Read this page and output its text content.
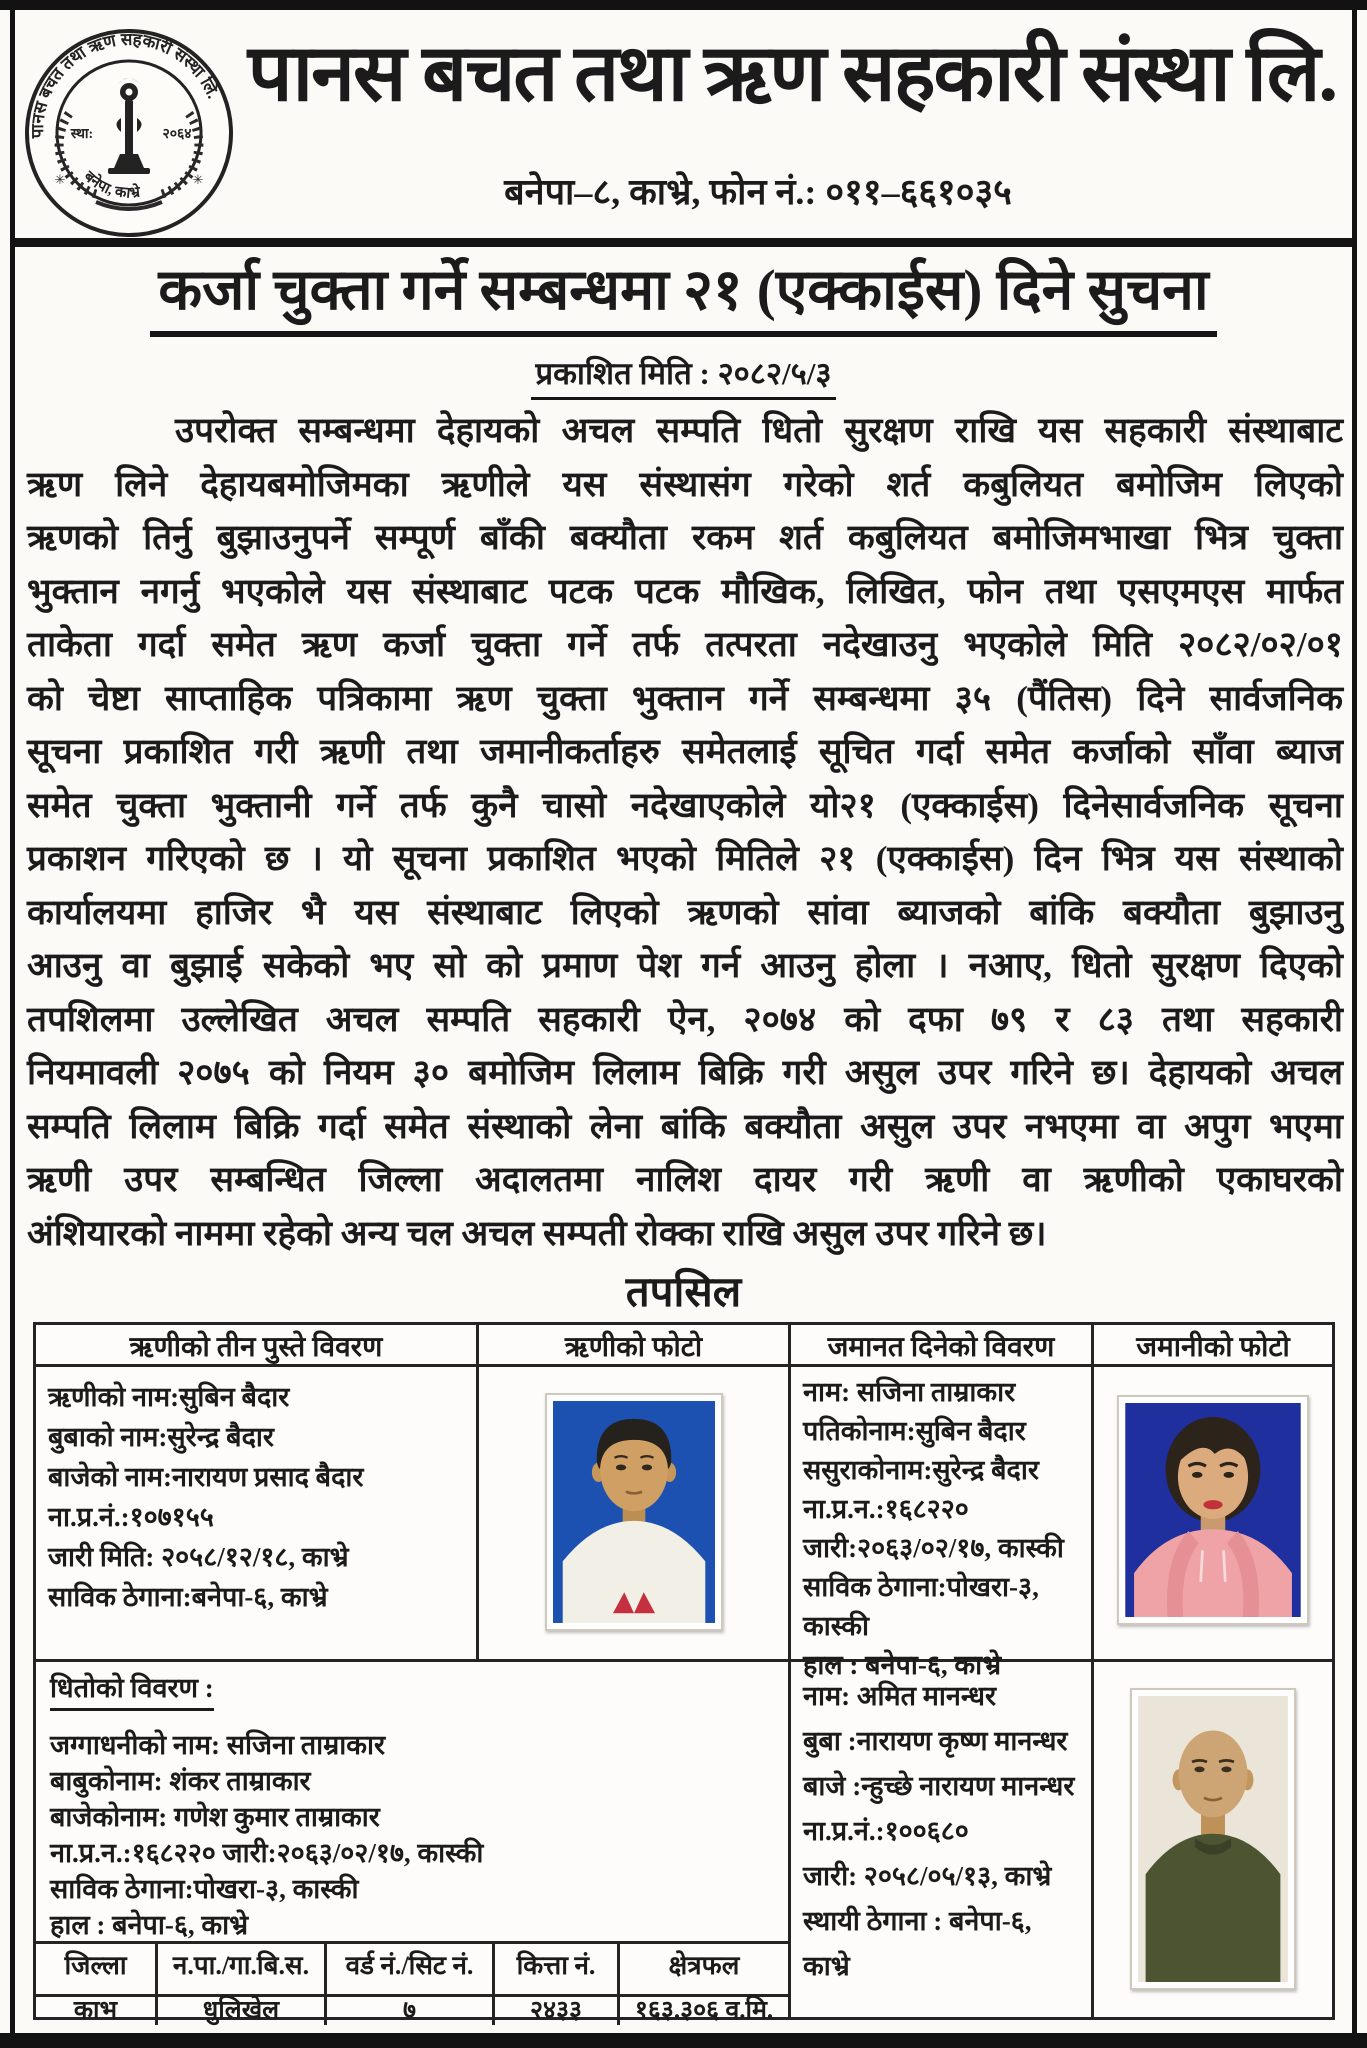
पानस बचत तथा ऋण सहकारी संस्था लि.
स्था:	२०६४
✳	✳
बनेपा, काभ्रे
पानस बचत तथा ऋण सहकारी संस्था लि.
बनेपा–८, काभ्रे, फोन नं.: ०११–६६१०३५
कर्जा चुक्ता गर्ने सम्बन्धमा २१ (एक्काईस) दिने सुचना
प्रकाशित मिति : २०८२/५/३
उपरोक्त सम्बन्धमा देहायको अचल सम्पति धितो सुरक्षण राखि यस सहकारी संस्थाबाट
ऋण लिने देहायबमोजिमका ऋणीले यस संस्थासंग गरेको शर्त कबुलियत बमोजिम लिएको
ऋणको तिर्नु बुझाउनुपर्ने सम्पूर्ण बाँकी बक्यौता रकम शर्त कबुलियत बमोजिमभाखा भित्र चुक्ता
भुक्तान नगर्नु भएकोले यस संस्थाबाट पटक पटक मौखिक, लिखित, फोन तथा एसएमएस मार्फत
ताकेता गर्दा समेत ऋण कर्जा चुक्ता गर्ने तर्फ तत्परता नदेखाउनु भएकोले मिति २०८२/०२/०१
को चेष्टा साप्ताहिक पत्रिकामा ऋण चुक्ता भुक्तान गर्ने सम्बन्धमा ३५ (पैंतिस) दिने सार्वजनिक
सूचना प्रकाशित गरी ऋणी तथा जमानीकर्ताहरु समेतलाई सूचित गर्दा समेत कर्जाको साँवा ब्याज
समेत चुक्ता भुक्तानी गर्ने तर्फ कुनै चासो नदेखाएकोले यो२१ (एक्काईस) दिनेसार्वजनिक सूचना
प्रकाशन गरिएको छ । यो सूचना प्रकाशित भएको मितिले २१ (एक्काईस) दिन भित्र यस संस्थाको
कार्यालयमा हाजिर भै यस संस्थाबाट लिएको ऋणको सांवा ब्याजको बांकि बक्यौता बुझाउनु
आउनु वा बुझाई सकेको भए सो को प्रमाण पेश गर्न आउनु होला । नआए, धितो सुरक्षण दिएको
तपशिलमा उल्लेखित अचल सम्पति सहकारी ऐन, २०७४ को दफा ७९ र ८३ तथा सहकारी
नियमावली २०७५ को नियम ३० बमोजिम लिलाम बिक्रि गरी असुल उपर गरिने छ। देहायको अचल
सम्पति लिलाम बिक्रि गर्दा समेत संस्थाको लेना बांकि बक्यौता असुल उपर नभएमा वा अपुग भएमा
ऋणी उपर सम्बन्धित जिल्ला अदालतमा नालिश दायर गरी ऋणी वा ऋणीको एकाघरको
अंशियारको नाममा रहेको अन्य चल अचल सम्पती रोक्का राखि असुल उपर गरिने छ।
तपसिल
ऋणीको तीन पुस्ते विवरण	ऋणीको फोटो	जमानत दिनेको विवरण	जमानीको फोटो
ऋणीको नाम:सुबिन बैदार
बुबाको नाम:सुरेन्द्र बैदार
बाजेको नाम:नारायण प्रसाद बैदार
ना.प्र.नं.:१०७१५५
जारी मिति: २०५८/१२/१८, काभ्रे
साविक ठेगाना:बनेपा-६, काभ्रे
नाम: सजिना ताम्राकार
पतिकोनाम:सुबिन बैदार
ससुराकोनाम:सुरेन्द्र बैदार
ना.प्र.न.:१६८२२०
जारी:२०६३/०२/१७, कास्की
साविक ठेगाना:पोखरा-३, कास्की
हाल : बनेपा-६, काभ्रे
धितोको विवरण :
जग्गाधनीको नाम: सजिना ताम्राकार
बाबुकोनाम: शंकर ताम्राकार
बाजेकोनाम: गणेश कुमार ताम्राकार
ना.प्र.न.:१६८२२० जारी:२०६३/०२/१७, कास्की
साविक ठेगाना:पोखरा-३, कास्की
हाल : बनेपा-६, काभ्रे
जिल्ला	न.पा./गा.बि.स.	वर्ड नं./सिट नं.	कित्ता नं.	क्षेत्रफल
काभ	धुलिखेल	७	२४३३	१६३.३०६ व.मि.
नाम: अमित मानन्धर
बुबा :नारायण कृष्ण मानन्धर
बाजे :न्हुच्छे नारायण मानन्धर
ना.प्र.नं.:१००६८०
जारी: २०५८/०५/१३, काभ्रे
स्थायी ठेगाना : बनेपा-६, काभ्रे
